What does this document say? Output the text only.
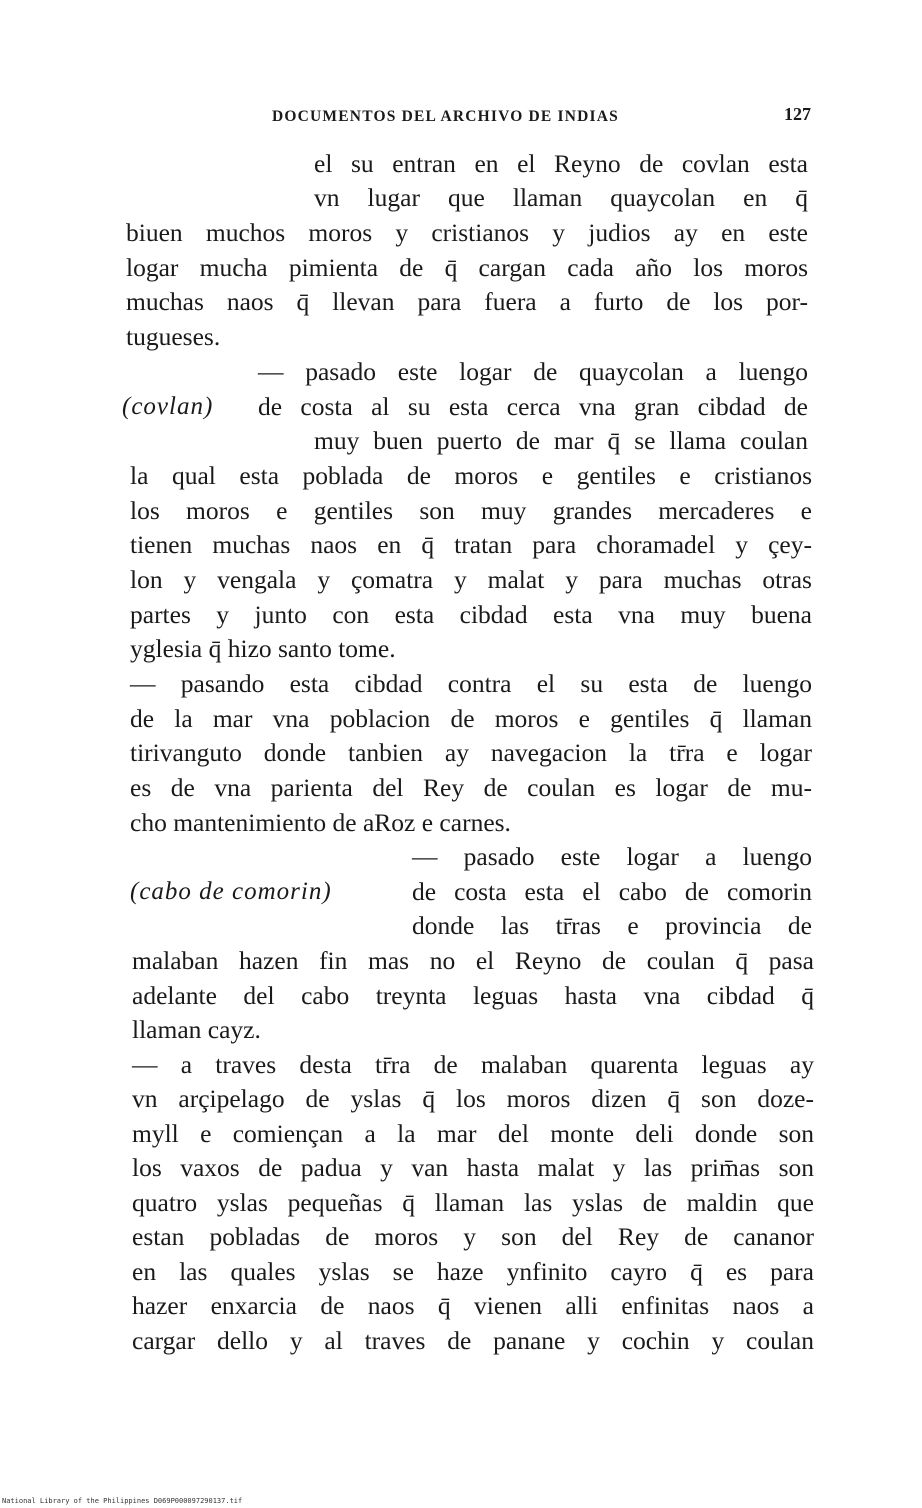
DOCUMENTOS DEL ARCHIVO DE INDIAS	127
el su entran en el Reyno de covlan esta
vn lugar que llaman quaycolan en q̄
biuen muchos moros y cristianos y judios ay en este
logar mucha pimienta de q̄ cargan cada año los moros
muchas naos q̄ llevan para fuera a furto de los por-
tugueses.
— pasado este logar de quaycolan a luengo
(covlan) de costa al su esta cerca vna gran cibdad de
muy buen puerto de mar q̄ se llama coulan
la qual esta poblada de moros e gentiles e cristianos
los moros e gentiles son muy grandes mercaderes e
tienen muchas naos en q̄ tratan para choramadel y çey-
lon y vengala y çomatra y malat y para muchas otras
partes y junto con esta cibdad esta vna muy buena
yglesia q̄ hizo santo tome.
— pasando esta cibdad contra el su esta de luengo
de la mar vna poblacion de moros e gentiles q̄ llaman
tirivanguto donde tanbien ay navegacion la tr̄ra e logar
es de vna parienta del Rey de coulan es logar de mu-
cho mantenimiento de aRoz e carnes.
— pasado este logar a luengo
(cabo de comorin)	de costa esta el cabo de comorin
donde las tr̄ras e provincia de
malaban hazen fin mas no el Reyno de coulan q̄ pasa
adelante del cabo treynta leguas hasta vna cibdad q̄
llaman cayz.
— a traves desta tr̄ra de malaban quarenta leguas ay
vn arçipelago de yslas q̄ los moros dizen q̄ son doze-
myll e comiençan a la mar del monte deli donde son
los vaxos de padua y van hasta malat y las prim̄as son
quatro yslas pequeñas q̄ llaman las yslas de maldin que
estan pobladas de moros y son del Rey de cananor
en las quales yslas se haze ynfinito cayro q̄ es para
hazer enxarcia de naos q̄ vienen alli enfinitas naos a
cargar dello y al traves de panane y cochin y coulan
National Library of the Philippines D069P000097290137.tif
